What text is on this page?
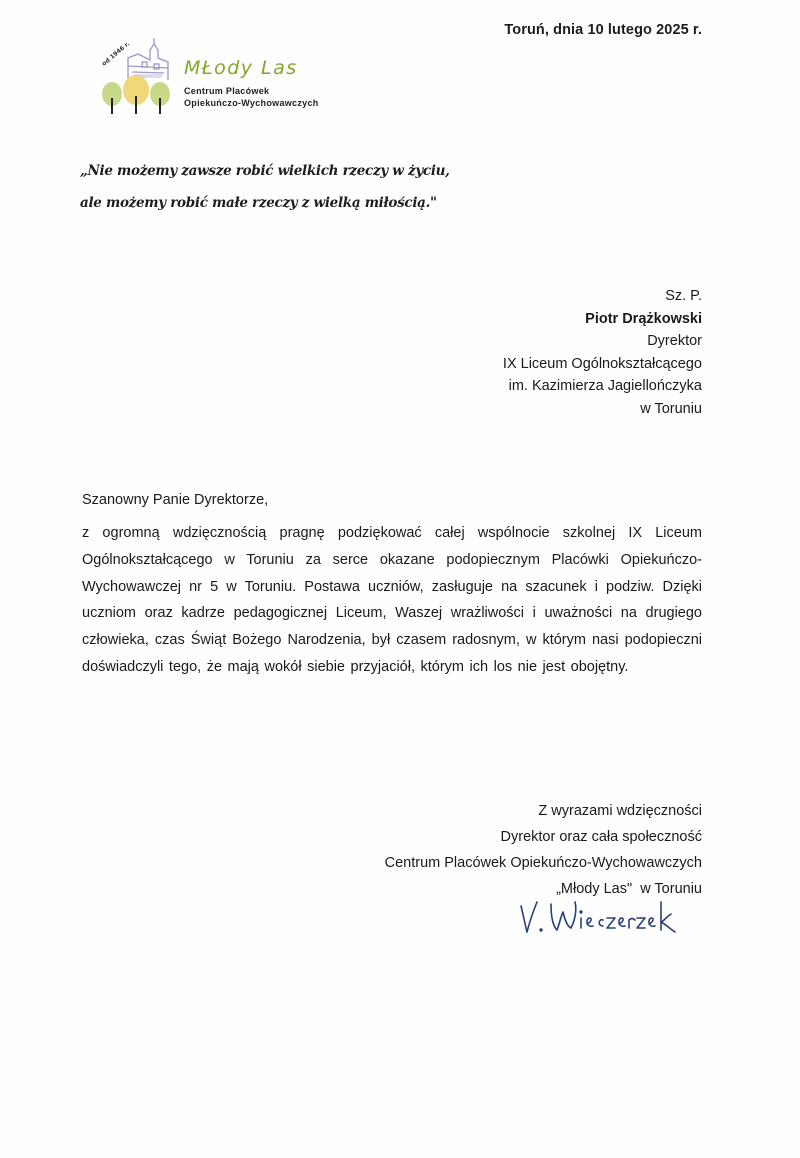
Toruń, dnia 10 lutego 2025 r.
od 1946 r.
MŁody Las
Centrum Placówek
Opiekuńczo-Wychowawczych
„Nie możemy zawsze robić wielkich rzeczy w życiu,
ale możemy robić małe rzeczy z wielką miłością."
Sz. P.
Piotr Drążkowski
Dyrektor
IX Liceum Ogólnokształcącego
im. Kazimierza Jagiellończyka
w Toruniu
Szanowny Panie Dyrektorze,
z ogromną wdzięcznością pragnę podziękować całej wspólnocie szkolnej IX Liceum Ogólnokształcącego w Toruniu za serce okazane podopiecznym Placówki Opiekuńczo-Wychowawczej nr 5 w Toruniu. Postawa uczniów, zasługuje na szacunek i podziw. Dzięki uczniom oraz kadrze pedagogicznej Liceum, Waszej wrażliwości i uważności na drugiego człowieka, czas Świąt Bożego Narodzenia, był czasem radosnym, w którym nasi podopieczni doświadczyli tego, że mają wokół siebie przyjaciół, którym ich los nie jest obojętny.
Z wyrazami wdzięczności
Dyrektor oraz cała społeczność
Centrum Placówek Opiekuńczo-Wychowawczych
„Młody Las"  w Toruniu
